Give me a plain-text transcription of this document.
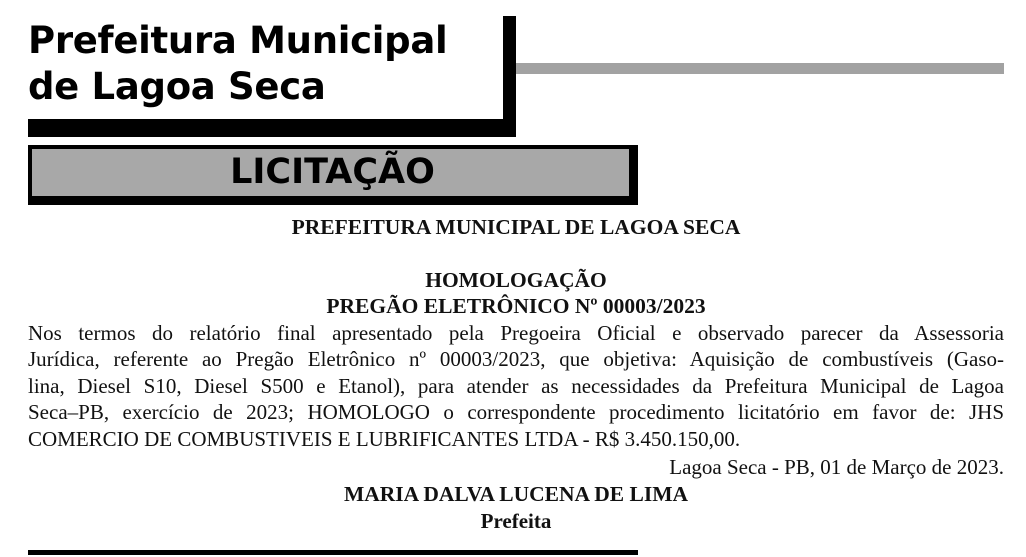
Prefeitura Municipal
de Lagoa Seca
LICITAÇÃO
PREFEITURA MUNICIPAL DE LAGOA SECA
HOMOLOGAÇÃO
PREGÃO ELETRÔNICO Nº 00003/2023
Nos termos do relatório final apresentado pela Pregoeira Oficial e observado parecer da Assessoria
Jurídica, referente ao Pregão Eletrônico nº 00003/2023, que objetiva: Aquisição de combustíveis (Gaso-
lina, Diesel S10, Diesel S500 e Etanol), para atender as necessidades da Prefeitura Municipal de Lagoa
Seca–PB, exercício de 2023; HOMOLOGO o correspondente procedimento licitatório em favor de: JHS
COMERCIO DE COMBUSTIVEIS E LUBRIFICANTES LTDA - R$ 3.450.150,00.
Lagoa Seca - PB, 01 de Março de 2023.
MARIA DALVA LUCENA DE LIMA
Prefeita
